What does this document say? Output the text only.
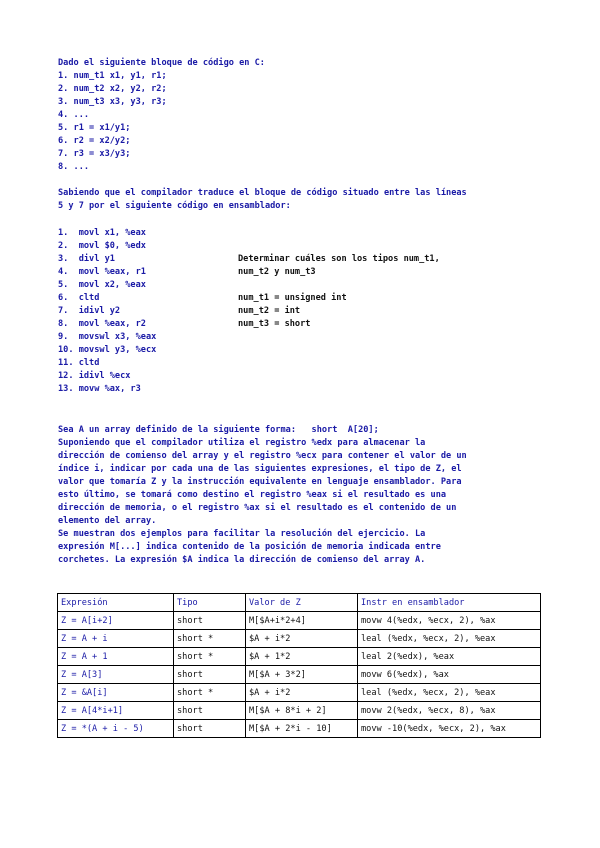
Dado el siguiente bloque de código en C:
1. num_t1 x1, y1, r1;
2. num_t2 x2, y2, r2;
3. num_t3 x3, y3, r3;
4. ...
5. r1 = x1/y1;
6. r2 = x2/y2;
7. r3 = x3/y3;
8. ...
Sabiendo que el compilador traduce el bloque de código situado entre las líneas
5 y 7 por el siguiente código en ensamblador:
1.  movl x1, %eax
2.  movl $0, %edx
3.  divl y1
4.  movl %eax, r1
5.  movl x2, %eax
6.  cltd
7.  idivl y2
8.  movl %eax, r2
9.  movswl x3, %eax
10. movswl y3, %ecx
11. cltd
12. idivl %ecx
13. movw %ax, r3
Determinar cuáles son los tipos num_t1,
num_t2 y num_t3
num_t1 = unsigned int
num_t2 = int
num_t3 = short
Sea A un array definido de la siguiente forma:   short  A[20];
Suponiendo que el compilador utiliza el registro %edx para almacenar la
dirección de comienso del array y el registro %ecx para contener el valor de un
índice i, indicar por cada una de las siguientes expresiones, el tipo de Z, el
valor que tomaría Z y la instrucción equivalente en lenguaje ensamblador. Para
esto último, se tomará como destino el registro %eax si el resultado es una
dirección de memoria, o el registro %ax si el resultado es el contenido de un
elemento del array.
Se muestran dos ejemplos para facilitar la resolución del ejercicio. La
expresión M[...] indica contenido de la posición de memoria indicada entre
corchetes. La expresión $A indica la dirección de comienso del array A.
Expresión	Tipo	Valor de Z	Instr en ensamblador
Z = A[i+2]	short	M[$A+i*2+4]	movw 4(%edx, %ecx, 2), %ax
Z = A + i	short *	$A + i*2	leal (%edx, %ecx, 2), %eax
Z = A + 1	short *	$A + 1*2	leal 2(%edx), %eax
Z = A[3]	short	M[$A + 3*2]	movw 6(%edx), %ax
Z = &A[i]	short *	$A + i*2	leal (%edx, %ecx, 2), %eax
Z = A[4*i+1]	short	M[$A + 8*i + 2]	movw 2(%edx, %ecx, 8), %ax
Z = *(A + i - 5)	short	M[$A + 2*i - 10]	movw -10(%edx, %ecx, 2), %ax
